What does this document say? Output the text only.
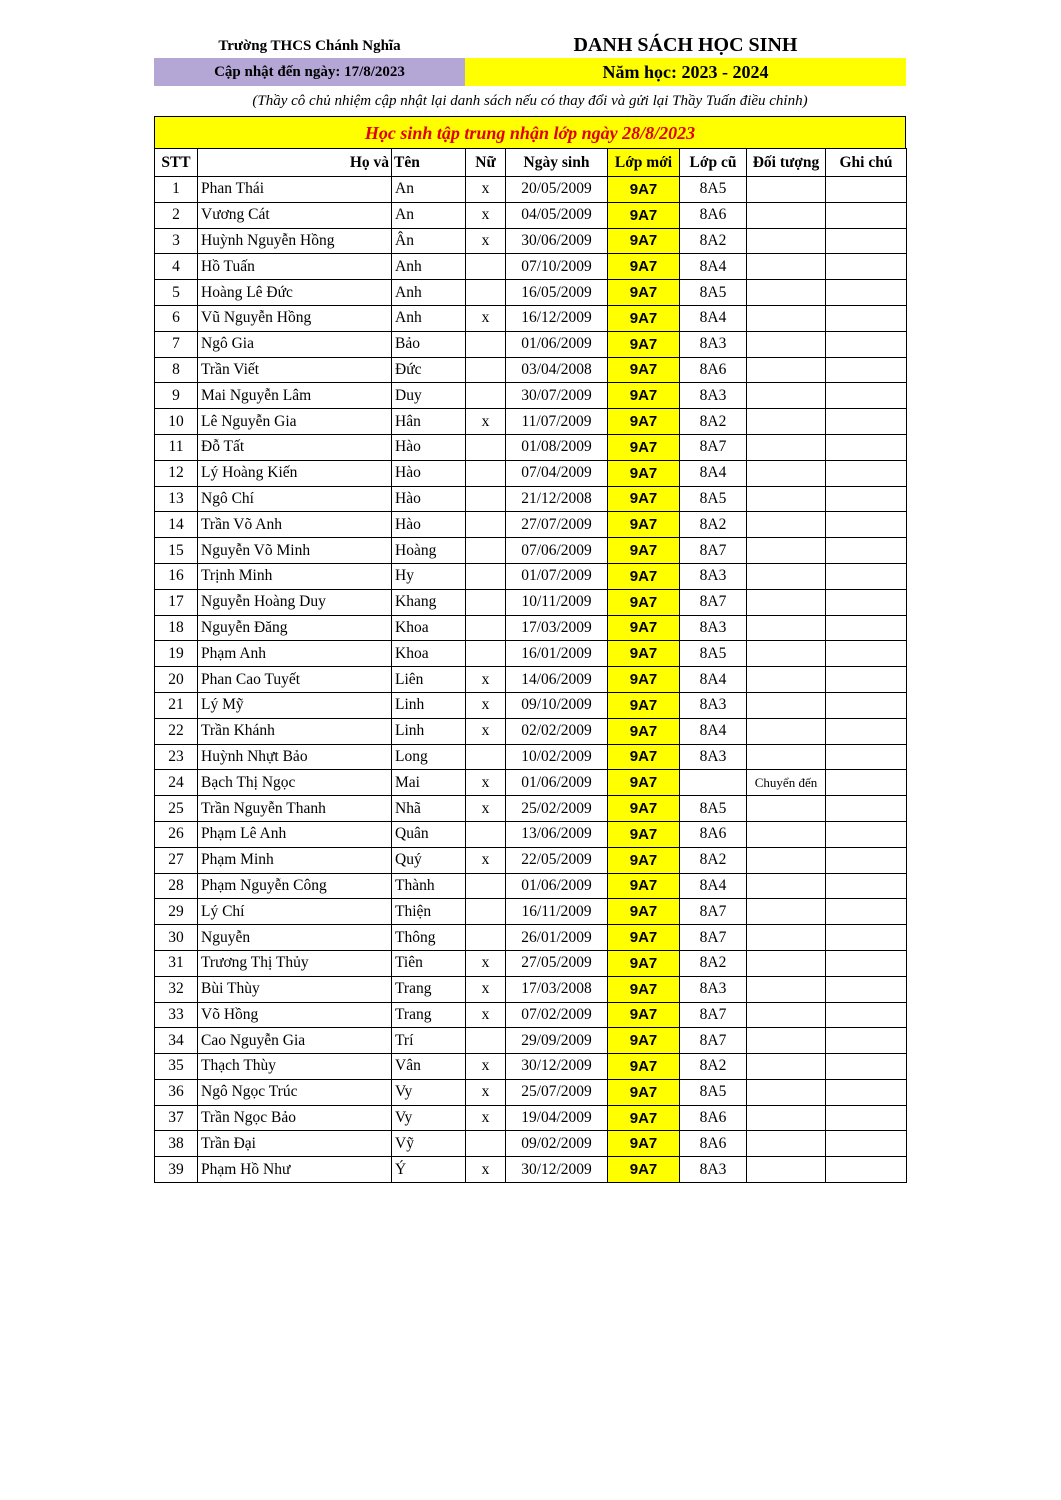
Trường THCS Chánh Nghĩa	DANH SÁCH HỌC SINH
Cập nhật đến ngày: 17/8/2023	Năm học: 2023 - 2024
(Thầy cô chủ nhiệm cập nhật lại danh sách nếu có thay đổi và gửi lại Thầy Tuấn điều chỉnh)
Học sinh tập trung nhận lớp ngày 28/8/2023
STT	Họ và	Tên	Nữ	Ngày sinh	Lớp mới	Lớp cũ	Đối tượng	Ghi chú
1	Phan Thái	An	x	20/05/2009	9A7	8A5		
2	Vương Cát	An	x	04/05/2009	9A7	8A6		
3	Huỳnh Nguyễn Hồng	Ân	x	30/06/2009	9A7	8A2		
4	Hồ Tuấn	Anh		07/10/2009	9A7	8A4		
5	Hoàng Lê Đức	Anh		16/05/2009	9A7	8A5		
6	Vũ Nguyễn Hồng	Anh	x	16/12/2009	9A7	8A4		
7	Ngô Gia	Bảo		01/06/2009	9A7	8A3		
8	Trần Viết	Đức		03/04/2008	9A7	8A6		
9	Mai Nguyễn Lâm	Duy		30/07/2009	9A7	8A3		
10	Lê Nguyễn Gia	Hân	x	11/07/2009	9A7	8A2		
11	Đỗ Tất	Hào		01/08/2009	9A7	8A7		
12	Lý Hoàng Kiến	Hào		07/04/2009	9A7	8A4		
13	Ngô Chí	Hào		21/12/2008	9A7	8A5		
14	Trần Võ Anh	Hào		27/07/2009	9A7	8A2		
15	Nguyễn Võ Minh	Hoàng		07/06/2009	9A7	8A7		
16	Trịnh Minh	Hy		01/07/2009	9A7	8A3		
17	Nguyễn Hoàng Duy	Khang		10/11/2009	9A7	8A7		
18	Nguyễn Đăng	Khoa		17/03/2009	9A7	8A3		
19	Phạm Anh	Khoa		16/01/2009	9A7	8A5		
20	Phan Cao Tuyết	Liên	x	14/06/2009	9A7	8A4		
21	Lý Mỹ	Linh	x	09/10/2009	9A7	8A3		
22	Trần Khánh	Linh	x	02/02/2009	9A7	8A4		
23	Huỳnh Nhựt Bảo	Long		10/02/2009	9A7	8A3		
24	Bạch Thị Ngọc	Mai	x	01/06/2009	9A7		Chuyển đến	
25	Trần Nguyễn Thanh	Nhã	x	25/02/2009	9A7	8A5		
26	Phạm Lê Anh	Quân		13/06/2009	9A7	8A6		
27	Phạm Minh	Quý	x	22/05/2009	9A7	8A2		
28	Phạm Nguyễn Công	Thành		01/06/2009	9A7	8A4		
29	Lý Chí	Thiện		16/11/2009	9A7	8A7		
30	Nguyễn	Thông		26/01/2009	9A7	8A7		
31	Trương Thị Thủy	Tiên	x	27/05/2009	9A7	8A2		
32	Bùi Thùy	Trang	x	17/03/2008	9A7	8A3		
33	Võ Hồng	Trang	x	07/02/2009	9A7	8A7		
34	Cao Nguyễn Gia	Trí		29/09/2009	9A7	8A7		
35	Thạch Thùy	Vân	x	30/12/2009	9A7	8A2		
36	Ngô Ngọc Trúc	Vy	x	25/07/2009	9A7	8A5		
37	Trần Ngọc Bảo	Vy	x	19/04/2009	9A7	8A6		
38	Trần Đại	Vỹ		09/02/2009	9A7	8A6		
39	Phạm Hồ Như	Ý	x	30/12/2009	9A7	8A3		
